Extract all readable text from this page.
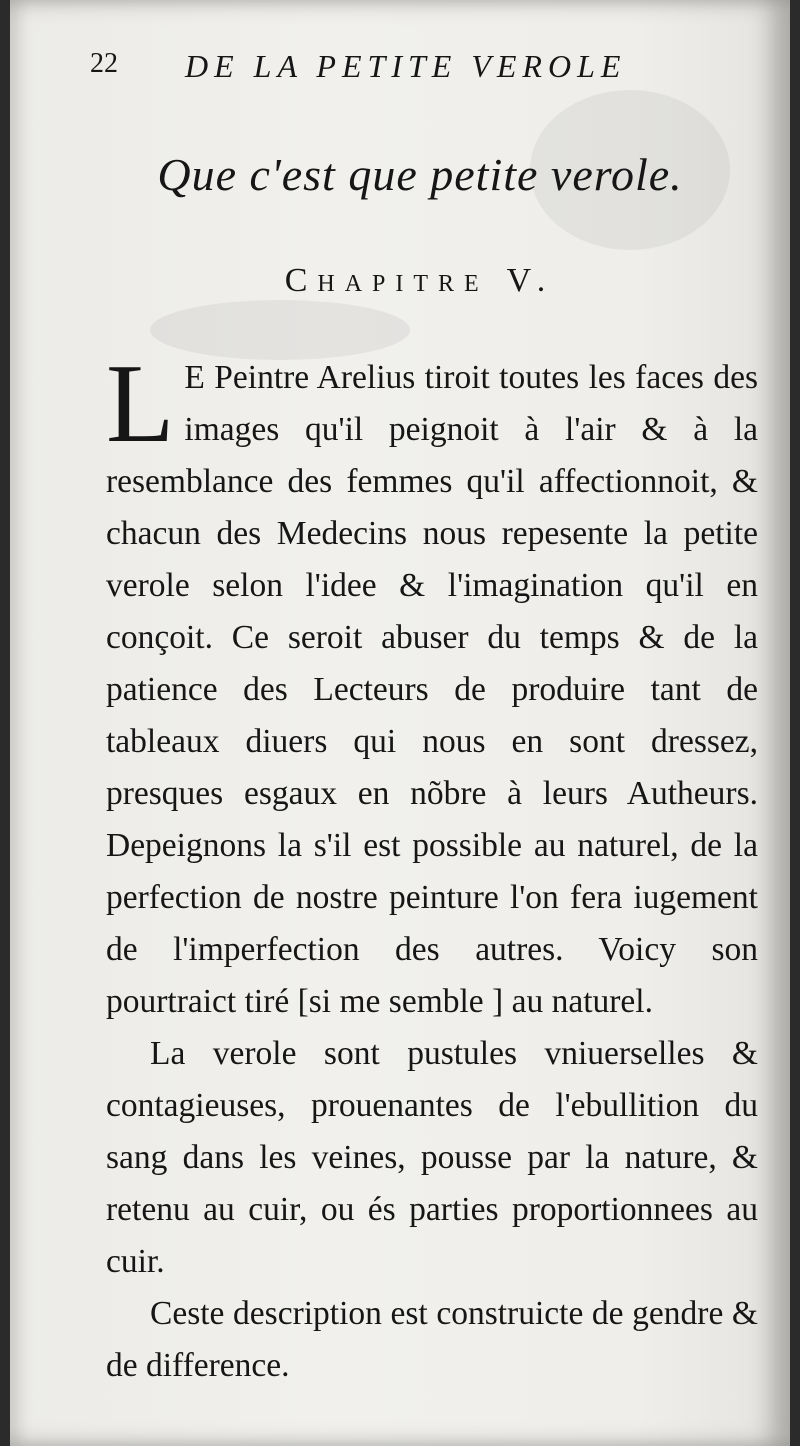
22 DE LA PETITE VEROLE
Que c'est que petite verole.
Chapitre V.

L E Peintre Arelius tiroit toutes les faces des images qu'il peignoit à l'air & à la resemblance des femmes qu'il affectionnoit, & chacun des Medecins nous repesente la petite verole selon l'idee & l'imagination qu'il en conçoit. Ce seroit abuser du temps & de la patience des Lecteurs de produire tant de tableaux diuers qui nous en sont dressez, presques esgaux en nõbre à leurs Autheurs. Depeignons la s'il est possible au naturel, de la perfection de nostre peinture l'on fera iugement de l'imperfection des autres. Voicy son pourtraict tiré [si me semble ] au naturel.

La verole sont pustules vniuerselles & contagieuses, prouenantes de l'ebullition du sang dans les veines, pousse par la nature, & retenu au cuir, ou és parties proportionnees au cuir.

Ceste description est construicte de gendre & de difference.
